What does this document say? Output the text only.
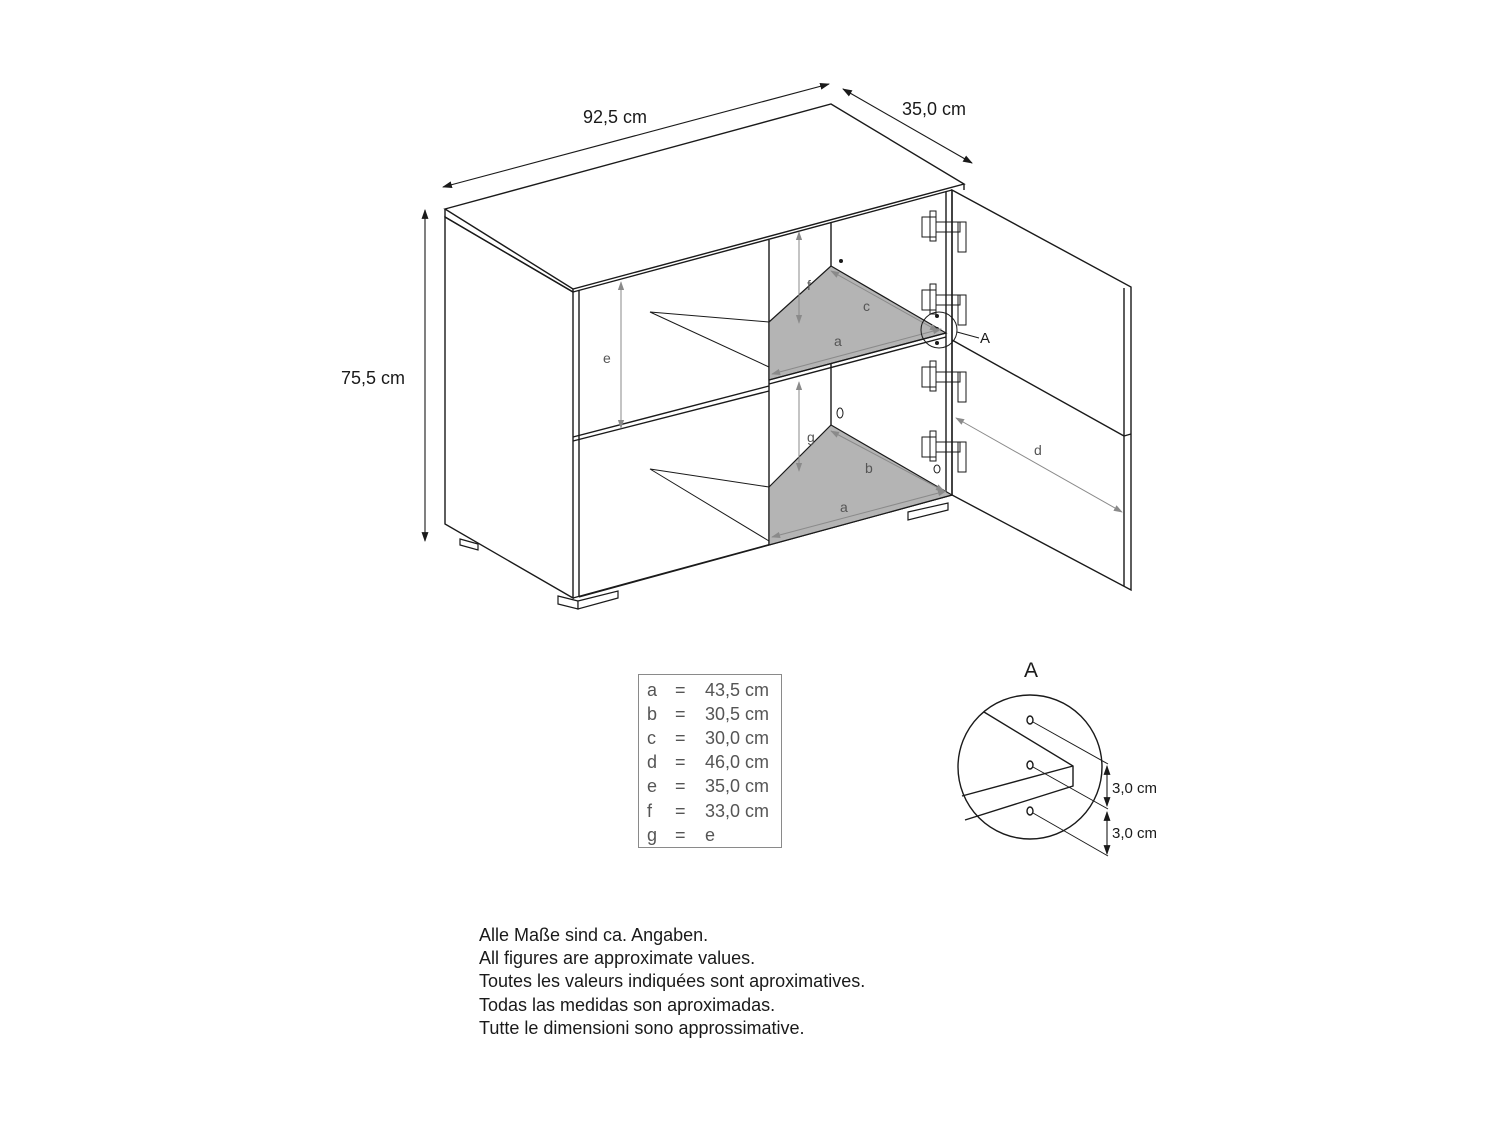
92,5 cm	35,0 cm
75,5 cm
e
f
g
c
a
b
a
d
A
A
3,0 cm
3,0 cm
a =	43,5 cm
b =	30,5 cm
c	=	30,0 cm
d =	46,0 cm
e =	35,0 cm
f	=	33,0 cm
g =	e
Alle Maße sind ca. Angaben.
All figures are approximate values.
Toutes les valeurs indiquées sont aproximatives.
Todas las medidas son aproximadas.
Tutte le dimensioni sono approssimative.
